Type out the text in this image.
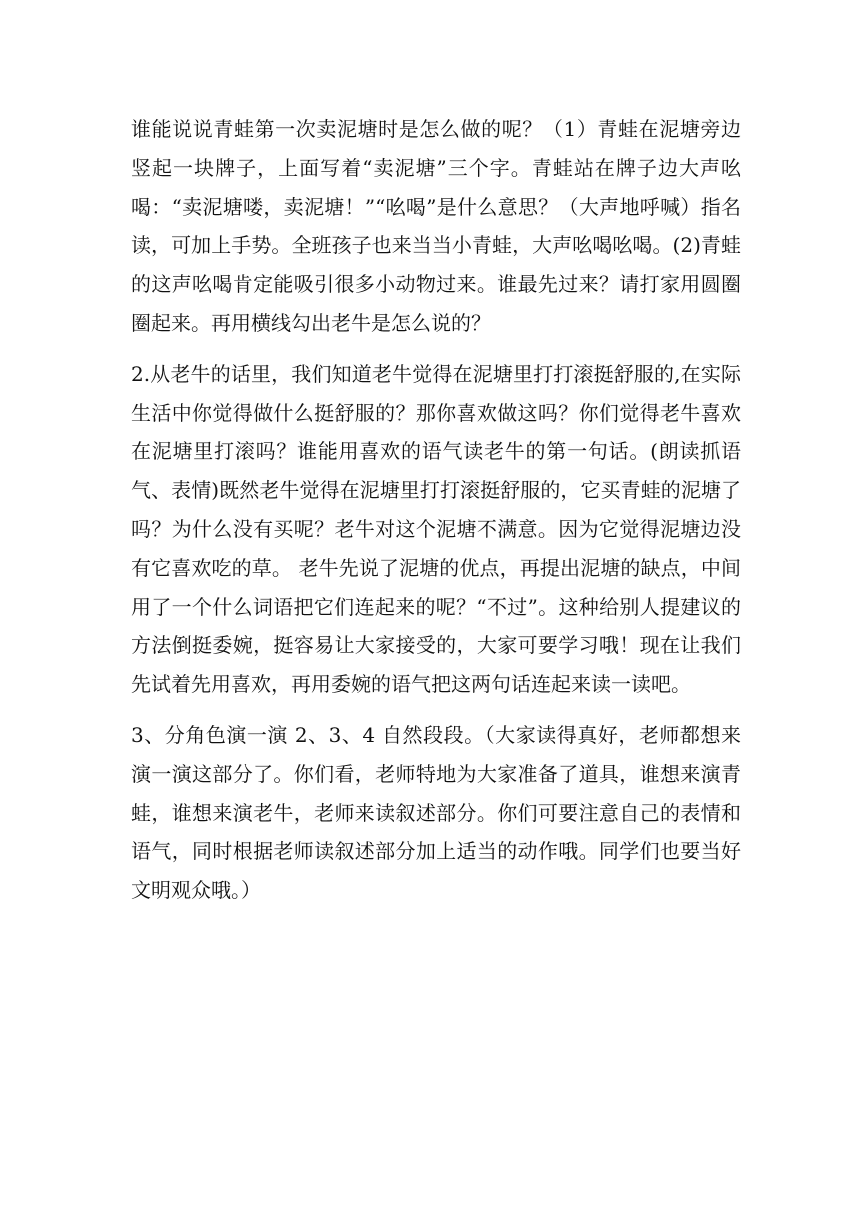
谁能说说青蛙第一次卖泥塘时是怎么做的呢？（1）青蛙在泥塘旁边竖起一块牌子，上面写着“卖泥塘”三个字。青蛙站在牌子边大声吆喝：“卖泥塘喽，卖泥塘！”“吆喝”是什么意思？（大声地呼喊）指名读，可加上手势。全班孩子也来当当小青蛙，大声吆喝吆喝。(2)青蛙的这声吆喝肯定能吸引很多小动物过来。谁最先过来？请打家用圆圈圈起来。再用横线勾出老牛是怎么说的？

2.从老牛的话里，我们知道老牛觉得在泥塘里打打滚挺舒服的,在实际生活中你觉得做什么挺舒服的？那你喜欢做这吗？你们觉得老牛喜欢在泥塘里打滚吗？谁能用喜欢的语气读老牛的第一句话。(朗读抓语气、表情)既然老牛觉得在泥塘里打打滚挺舒服的，它买青蛙的泥塘了吗？为什么没有买呢？老牛对这个泥塘不满意。因为它觉得泥塘边没有它喜欢吃的草。 老牛先说了泥塘的优点，再提出泥塘的缺点，中间用了一个什么词语把它们连起来的呢？“不过”。这种给别人提建议的方法倒挺委婉，挺容易让大家接受的，大家可要学习哦！现在让我们先试着先用喜欢，再用委婉的语气把这两句话连起来读一读吧。

3、分角色演一演 2、3、4 自然段段。（大家读得真好，老师都想来演一演这部分了。你们看，老师特地为大家准备了道具，谁想来演青蛙，谁想来演老牛，老师来读叙述部分。你们可要注意自己的表情和语气，同时根据老师读叙述部分加上适当的动作哦。同学们也要当好文明观众哦。）
